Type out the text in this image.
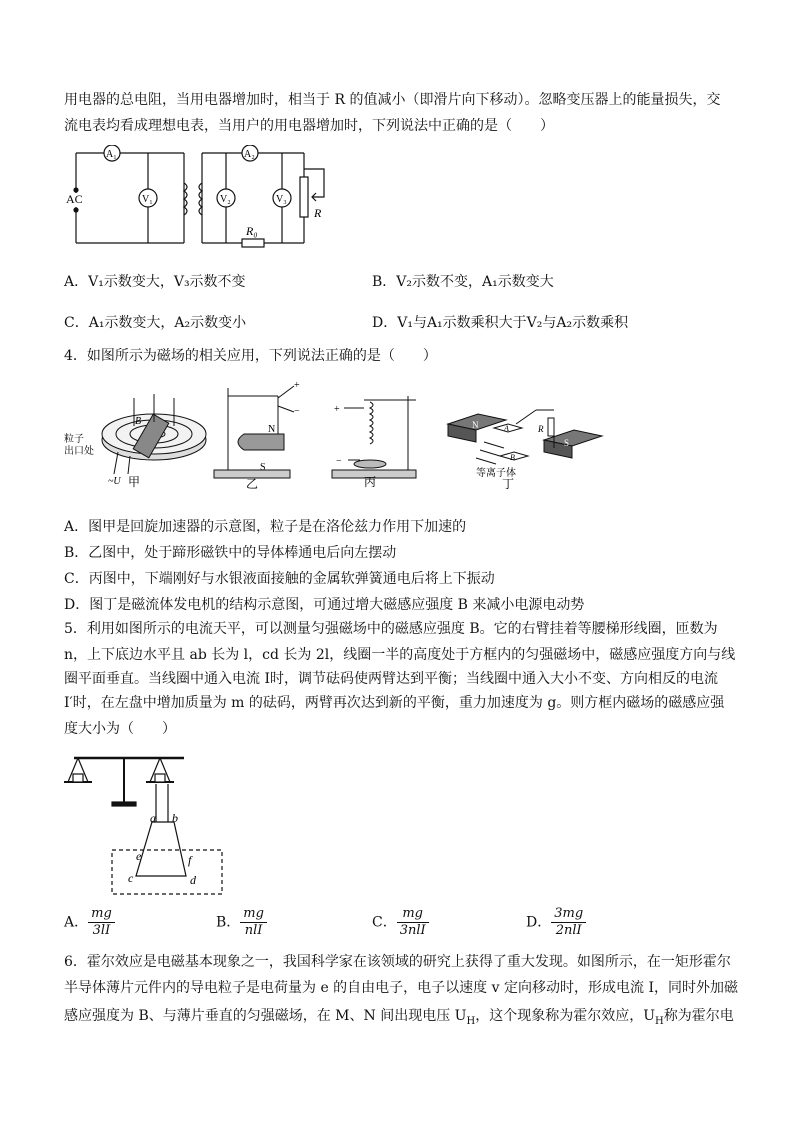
用电器的总电阻，当用电器增加时，相当于 R 的值减小（即滑片向下移动）。忽略变压器上的能量损失，交
流电表均看成理想电表，当用户的用电器增加时，下列说法中正确的是（　　）
AC
A₁
V₁
A₂
V₂	V₃
R
R₀
A．V₁示数变大，V₃示数不变	B．V₂示数不变，A₁示数变大
C．A₁示数变大，A₂示数变小	D．V₁与A₁示数乘积大于V₂与A₂示数乘积
4．如图所示为磁场的相关应用，下列说法正确的是（　　）
B
粒子
出口处
~U 甲
+
−
N
S
乙
+
−
丙
N
S
A
B
R
等离子体
丁
A．图甲是回旋加速器的示意图，粒子是在洛伦兹力作用下加速的
B．乙图中，处于蹄形磁铁中的导体棒通电后向左摆动
C．丙图中，下端刚好与水银液面接触的金属软弹簧通电后将上下振动
D．图丁是磁流体发电机的结构示意图，可通过增大磁感应强度 B 来减小电源电动势
5．利用如图所示的电流天平，可以测量匀强磁场中的磁感应强度 B。它的右臂挂着等腰梯形线圈，匝数为
n，上下底边水平且 ab 长为 l，cd 长为 2l，线圈一半的高度处于方框内的匀强磁场中，磁感应强度方向与线
圈平面垂直。当线圈中通入电流 I时，调节砝码使两臂达到平衡；当线圈中通入大小不变、方向相反的电流
I′时，在左盘中增加质量为 m 的砝码，两臂再次达到新的平衡，重力加速度为 g。则方框内磁场的磁感应强
度大小为（　　）
a b
e	f
c	d
A． $\frac{mg}{3lI}$	B． $\frac{mg}{\text{nlI}}$	C． $\frac{mg}{\text{3nlI}}$	D． $\frac{3mg}{\text{2nlI}}$
6．霍尔效应是电磁基本现象之一，我国科学家在该领域的研究上获得了重大发现。如图所示，在一矩形霍尔
半导体薄片元件内的导电粒子是电荷量为 e 的自由电子，电子以速度 v 定向移动时，形成电流 I，同时外加磁
感应强度为 B、与薄片垂直的匀强磁场，在 M、N 间出现电压 $U_H$，这个现象称为霍尔效应，$U_H$称为霍尔电
